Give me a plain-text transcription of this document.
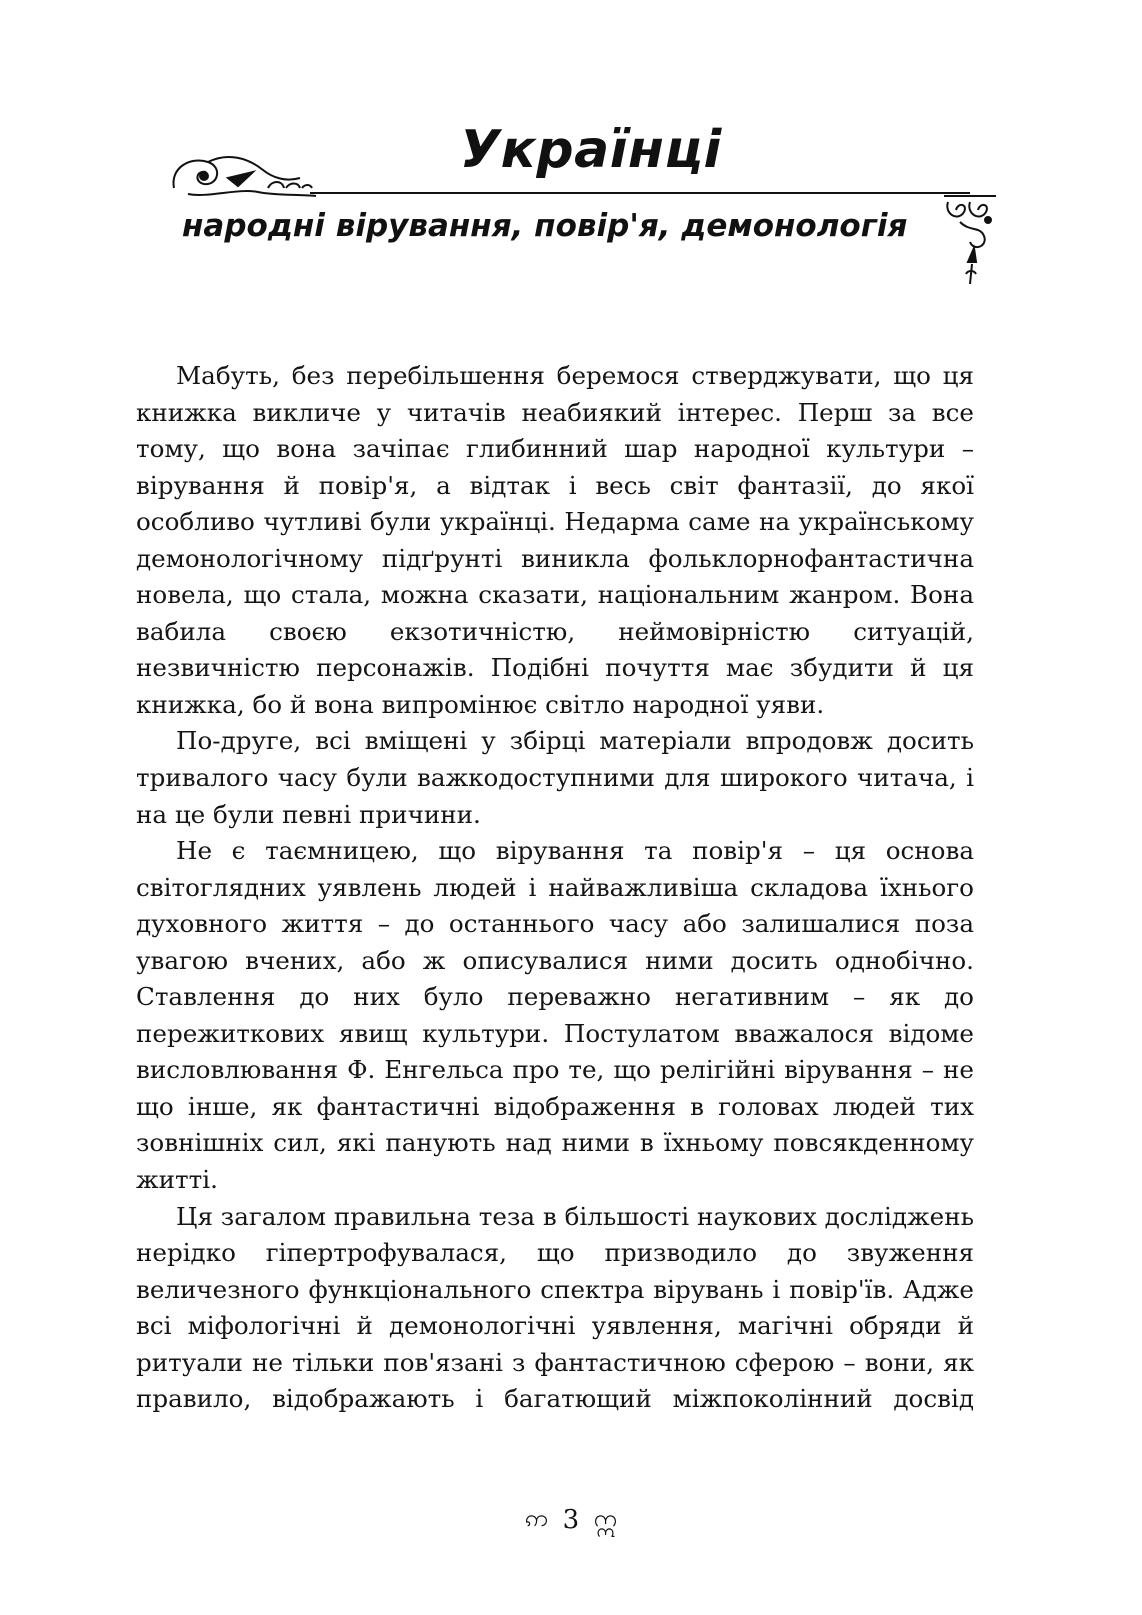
Українці
народні вірування, повір'я, демонологія

Мабуть, без перебільшення беремося стверджувати, що ця книжка викличе у читачів неабиякий інтерес. Перш за все тому, що вона зачіпає глибинний шар народної культури – вірування й повір'я, а відтак і весь світ фантазії, до якої особливо чутливі були українці. Недарма саме на українському демонологічному підґрунті виникла фольклорнофантастична новела, що стала, можна сказати, національним жанром. Вона вабила своєю екзотичністю, неймовірністю ситуацій, незвичністю персонажів. Подібні почуття має збудити й ця книжка, бо й вона випромінює світло народної уяви.

По-друге, всі вміщені у збірці матеріали впродовж досить тривалого часу були важкодоступними для широкого читача, і на це були певні причини.

Не є таємницею, що вірування та повір'я – ця основа світоглядних уявлень людей і найважливіша складова їхнього духовного життя – до останнього часу або залишалися поза увагою вчених, або ж описувалися ними досить однобічно. Ставлення до них було переважно негативним – як до пережиткових явищ культури. Постулатом вважалося відоме висловлювання Ф. Енгельса про те, що релігійні вірування – не що інше, як фантастичні відображення в головах людей тих зовнішніх сил, які панують над ними в їхньому повсякденному житті.

Ця загалом правильна теза в більшості наукових досліджень нерідко гіпертрофувалася, що призводило до звуження величезного функціонального спектра вірувань і повір'їв. Адже всі міфологічні й демонологічні уявлення, магічні обряди й ритуали не тільки пов'язані з фантастичною сферою – вони, як правило, відображають і багатющий міжпоколінний досвід

ဢ 3 ဣ
